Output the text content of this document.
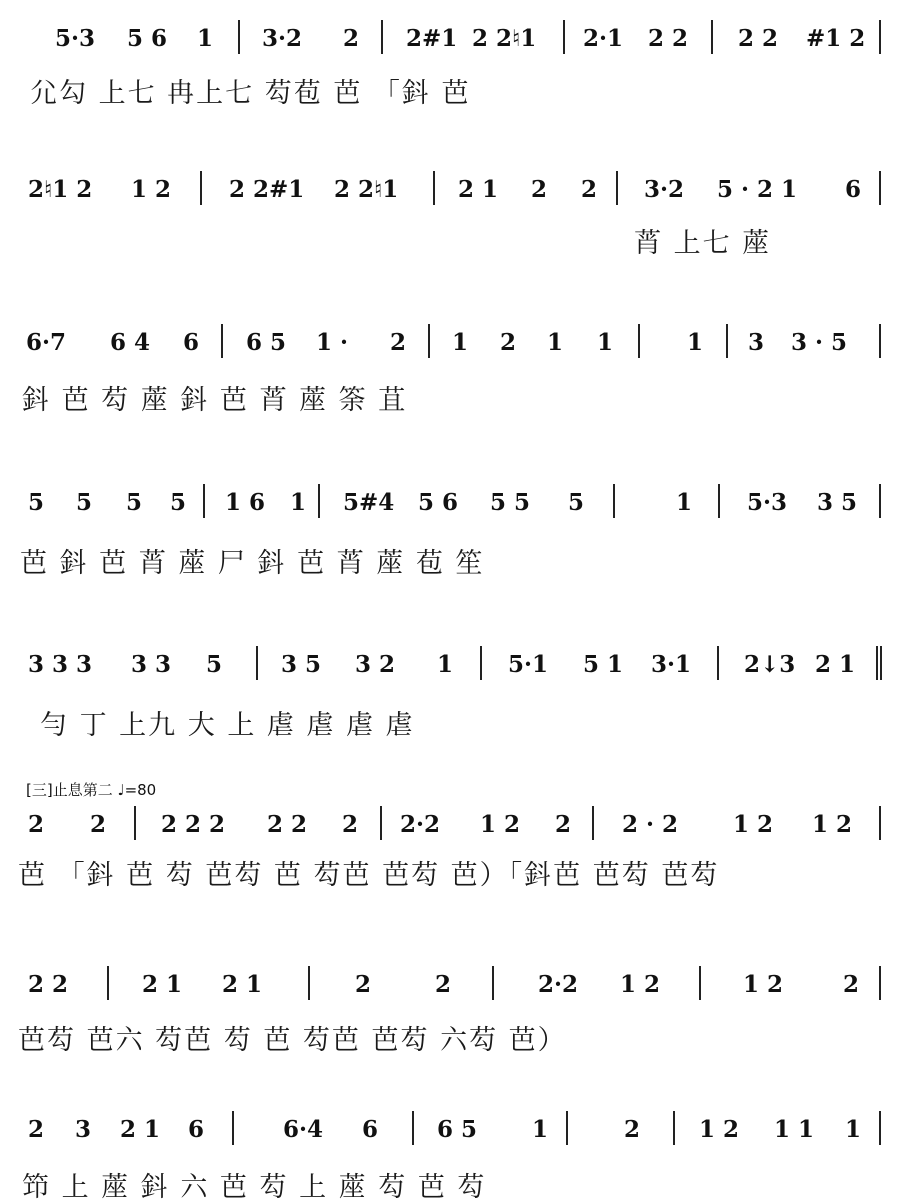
[三]止息第二 ♩=80
5·3 5 6 1 3·2 2 2#1 2 2♮1 2·1 2 2 2 2 #1 2
尣勾 上七 冉上七 芶苞 芭 「鈄 芭
2♮1 2 1 2	2 2#1 2 2♮1	2 1 2 2 3·2 5 · 2 1 6
莦 上七 蓙
6·7 6 4 6 6 5 1 · 2 1 2 1 1	1 3 3 · 5
鈄 芭 芶 蓙 鈄 芭 莦 蓙 筡 苴
5 5 5 5 1 6 1 5#4 5 6 5 5 5	1 5·3 3 5
芭 鈄 芭 莦 蓙 尸 鈄 芭 莦 蓙 苞 笙
3 3 3 3 3 5	3 5 3 2 1 5·1 5 1 3·1 2↓3 2 1
勻 丁 上九 大 上 虐 虐 虐 虐
2 2 2 2 2 2 2 2 2·2 1 2 2 2 · 2 1 2 1 2
芭 「鈄 芭 芶 芭芶 芭 芶芭 芭芶 芭）「鈄芭 芭芶 芭芶
2 2	2 1 2 1	2	2	2·2 1 2	1 2	2
芭芶 芭六 芶芭 芶 芭 芶芭 芭芶 六芶 芭）
2 3 2 1 6	6·4 6	6 5 1	2	1 2 1 1 1
笻 上 蓙 鈄 六 芭 芶 上 蓙 芶 芭 芶
